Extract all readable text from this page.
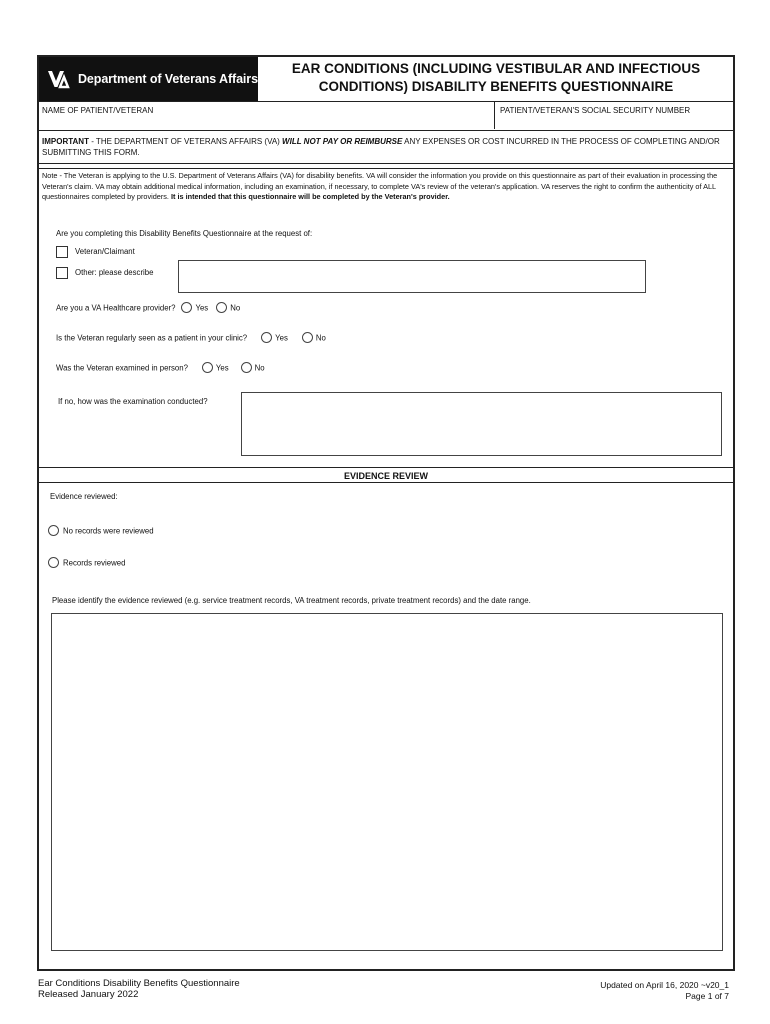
Department of Veterans Affairs
EAR CONDITIONS (INCLUDING VESTIBULAR AND INFECTIOUS
CONDITIONS) DISABILITY BENEFITS QUESTIONNAIRE
NAME OF PATIENT/VETERAN	PATIENT/VETERAN'S SOCIAL SECURITY NUMBER
IMPORTANT - THE DEPARTMENT OF VETERANS AFFAIRS (VA) WILL NOT PAY OR REIMBURSE ANY EXPENSES OR COST INCURRED IN THE PROCESS OF COMPLETING AND/OR SUBMITTING THIS FORM.
Note - The Veteran is applying to the U.S. Department of Veterans Affairs (VA) for disability benefits. VA will consider the information you provide on this questionnaire as part of their evaluation in processing the Veteran's claim. VA may obtain additional medical information, including an examination, if necessary, to complete VA's review of the veteran's application. VA reserves the right to confirm the authenticity of ALL questionnaires completed by providers. It is intended that this questionnaire will be completed by the Veteran's provider.
Are you completing this Disability Benefits Questionnaire at the request of:
Veteran/Claimant
Other: please describe
Are you a VA Healthcare provider?	Yes	No
Is the Veteran regularly seen as a patient in your clinic?	Yes	No
Was the Veteran examined in person?	Yes	No
If no, how was the examination conducted?
EVIDENCE REVIEW
Evidence reviewed:
No records were reviewed
Records reviewed
Please identify the evidence reviewed (e.g. service treatment records, VA treatment records, private treatment records) and the date range.
Ear Conditions Disability Benefits Questionnaire
Released January 2022
Updated on April 16, 2020 ~v20_1
Page 1 of 7
